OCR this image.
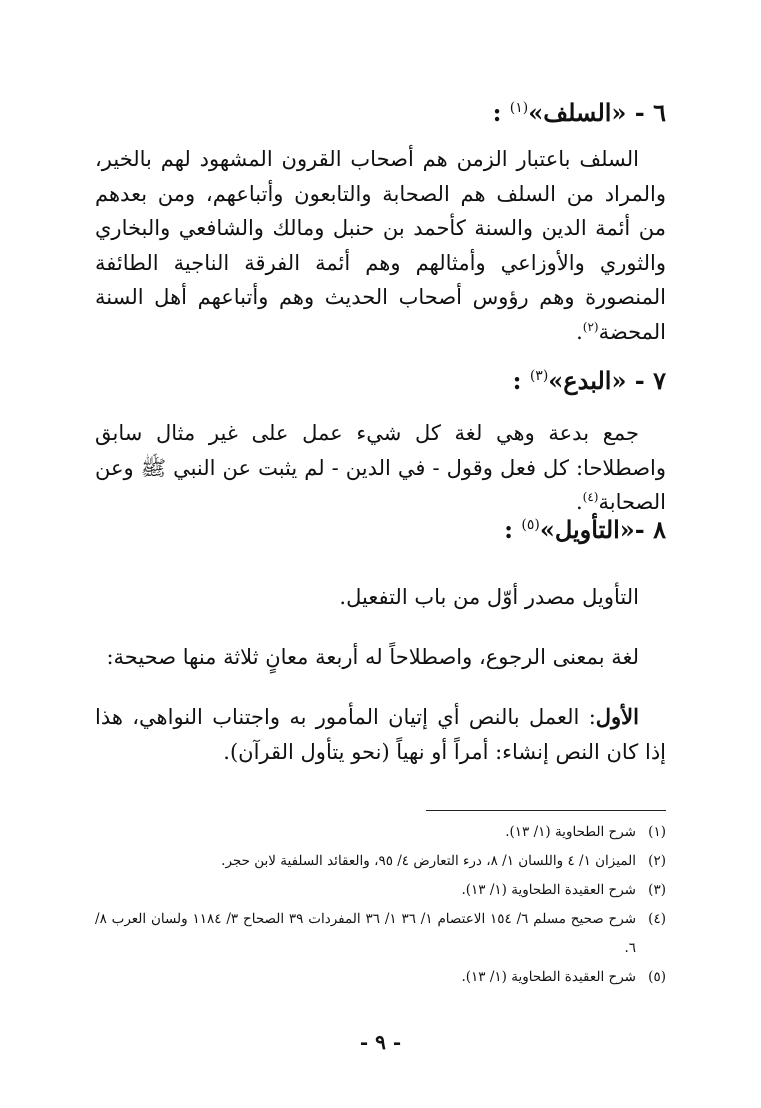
٦ - «السلف»$^{(١)}$ :

السلف باعتبار الزمن هم أصحاب القرون المشهود لهم بالخير، والمراد من السلف هم الصحابة والتابعون وأتباعهم، ومن بعدهم من أئمة الدين والسنة كأحمد بن حنبل ومالك والشافعي والبخاري والثوري والأوزاعي وأمثالهم وهم أئمة الفرقة الناجية الطائفة المنصورة وهم رؤوس أصحاب الحديث وهم وأتباعهم أهل السنة المحضة$^{(٢)}$.

٧ - «البدع»$^{(٣)}$ :

جمع بدعة وهي لغة كل شيء عمل على غير مثال سابق واصطلاحا: كل فعل وقول - في الدين - لم يثبت عن النبي ﷺ وعن الصحابة$^{(٤)}$.

٨ -«التأويل»$^{(٥)}$ :

التأويل مصدر أوّل من باب التفعيل.

لغة بمعنى الرجوع، واصطلاحاً له أربعة معانٍ ثلاثة منها صحيحة:

الأول: العمل بالنص أي إتيان المأمور به واجتناب النواهي، هذا إذا كان النص إنشاء: أمراً أو نهياً (نحو يتأول القرآن).

(١)
شرح الطحاوية (١/ ١٣).
(٢)
الميزان ١/ ٤ واللسان ١/ ٨، درء التعارض ٤/ ٩٥، والعقائد السلفية لابن حجر.
(٣)
شرح العقيدة الطحاوية (١/ ١٣).
(٤)
شرح صحيح مسلم ٦/ ١٥٤ الاعتصام ١/ ٣٦ ١/ ٣٦ المفردات ٣٩ الصحاح ٣/ ١١٨٤ ولسان العرب ٨/ ٦.
(٥)
شرح العقيدة الطحاوية (١/ ١٣).
- ٩ -
